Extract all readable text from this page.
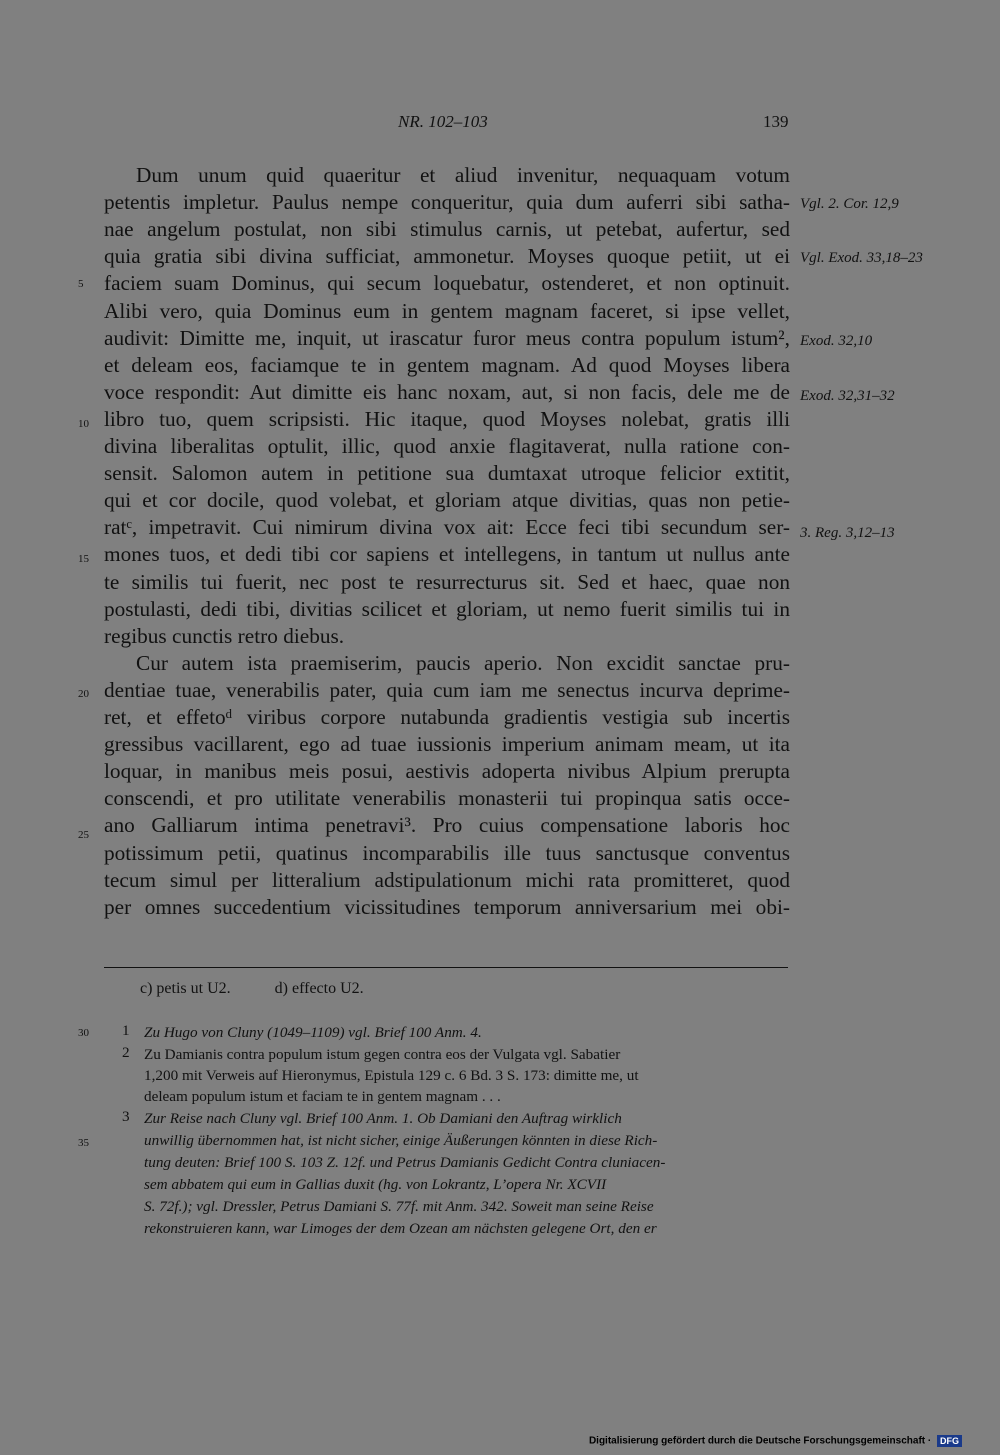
NR. 102–103	139
Dum unum quid quaeritur et aliud invenitur, nequaquam votum
petentis impletur. Paulus nempe conqueritur, quia dum auferri sibi satha-
nae angelum postulat, non sibi stimulus carnis, ut petebat, aufertur, sed
quia gratia sibi divina sufficiat, ammonetur. Moyses quoque petiit, ut ei
faciem suam Dominus, qui secum loquebatur, ostenderet, et non optinuit.
Alibi vero, quia Dominus eum in gentem magnam faceret, si ipse vellet,
audivit: Dimitte me, inquit, ut irascatur furor meus contra populum istum²,
et deleam eos, faciamque te in gentem magnam. Ad quod Moyses libera
voce respondit: Aut dimitte eis hanc noxam, aut, si non facis, dele me de
libro tuo, quem scripsisti. Hic itaque, quod Moyses nolebat, gratis illi
divina liberalitas optulit, illic, quod anxie flagitaverat, nulla ratione con-
sensit. Salomon autem in petitione sua dumtaxat utroque felicior extitit,
qui et cor docile, quod volebat, et gloriam atque divitias, quas non petie-
ratᶜ, impetravit. Cui nimirum divina vox ait: Ecce feci tibi secundum ser-
mones tuos, et dedi tibi cor sapiens et intellegens, in tantum ut nullus ante
te similis tui fuerit, nec post te resurrecturus sit. Sed et haec, quae non
postulasti, dedi tibi, divitias scilicet et gloriam, ut nemo fuerit similis tui in
regibus cunctis retro diebus.
Cur autem ista praemiserim, paucis aperio. Non excidit sanctae pru-
dentiae tuae, venerabilis pater, quia cum iam me senectus incurva deprime-
ret, et effetoᵈ viribus corpore nutabunda gradientis vestigia sub incertis
gressibus vacillarent, ego ad tuae iussionis imperium animam meam, ut ita
loquar, in manibus meis posui, aestivis adoperta nivibus Alpium prerupta
conscendi, et pro utilitate venerabilis monasterii tui propinqua satis occe-
ano Galliarum intima penetravi³. Pro cuius compensatione laboris hoc
potissimum petii, quatinus incomparabilis ille tuus sanctusque conventus
tecum simul per litteralium adstipulationum michi rata promitteret, quod
per omnes succedentium vicissitudines temporum anniversarium mei obi-
5
10
15
20
25
Vgl. 2. Cor. 12,9
Vgl. Exod. 33,18–23
Exod. 32,10
Exod. 32,31–32
3. Reg. 3,12–13
c) petis ut U2.	d) effecto U2.
30
35
1 Zu Hugo von Cluny (1049–1109) vgl. Brief 100 Anm. 4.
2 Zu Damianis contra populum istum gegen contra eos der Vulgata vgl. Sabatier
1,200 mit Verweis auf Hieronymus, Epistula 129 c. 6 Bd. 3 S. 173: dimitte me, ut
deleam populum istum et faciam te in gentem magnam . . .
3 Zur Reise nach Cluny vgl. Brief 100 Anm. 1. Ob Damiani den Auftrag wirklich
unwillig übernommen hat, ist nicht sicher, einige Äußerungen könnten in diese Rich-
tung deuten: Brief 100 S. 103 Z. 12f. und Petrus Damianis Gedicht Contra cluniacen-
sem abbatem qui eum in Gallias duxit (hg. von Lokrantz, L’opera Nr. XCVII
S. 72f.); vgl. Dressler, Petrus Damiani S. 77f. mit Anm. 342. Soweit man seine Reise
rekonstruieren kann, war Limoges der dem Ozean am nächsten gelegene Ort, den er
Digitalisierung gefördert durch die Deutsche Forschungsgemeinschaft · DFG
